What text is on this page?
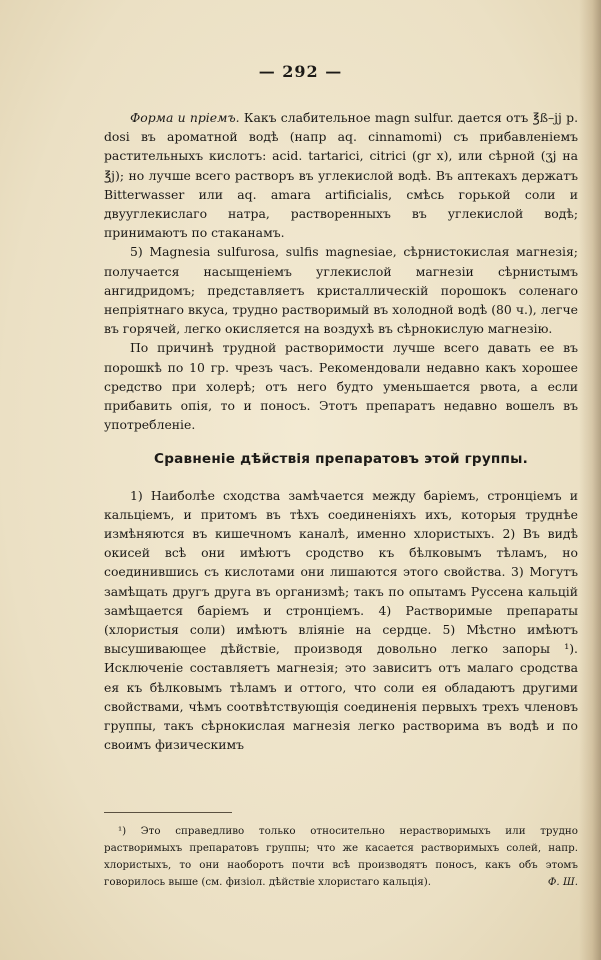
— 292 —

Форма и пріемъ. Какъ слабительное magn sulfur. дается отъ ℥ß–jj p. dosi въ ароматной водѣ (напр aq. cinnamomi) съ прибавленіемъ растительныхъ кислотъ: acid. tartarici, citrici (gr x), или сѣрной (ʒj на ℥j); но лучше всего растворъ въ углекислой водѣ. Въ аптекахъ держатъ Bitterwasser или aq. amara artificialis, смѣсь горькой соли и двууглекислаго натра, растворенныхъ въ углекислой водѣ; принимаютъ по стаканамъ.

5) Magnesia sulfurosa, sulfis magnesiae, сѣрнистокислая магнезія; получается насыщеніемъ углекислой магнезіи сѣрнистымъ ангидридомъ; представляетъ кристаллическій порошокъ соленаго непріятнаго вкуса, трудно растворимый въ холодной водѣ (80 ч.), легче въ горячей, легко окисляется на воздухѣ въ сѣрнокислую магнезію.

По причинѣ трудной растворимости лучше всего давать ее въ порошкѣ по 10 гр. чрезъ часъ. Рекомендовали недавно какъ хорошее средство при холерѣ; отъ него будто уменьшается рвота, а если прибавить опія, то и поносъ. Этотъ препаратъ недавно вошелъ въ употребленіе.

Сравненіе дѣйствія препаратовъ этой группы.

1) Наиболѣе сходства замѣчается между баріемъ, стронціемъ и кальціемъ, и притомъ въ тѣхъ соединеніяхъ ихъ, которыя труднѣе измѣняются въ кишечномъ каналѣ, именно хлористыхъ. 2) Въ видѣ окисей всѣ они имѣютъ сродство къ бѣлковымъ тѣламъ, но соединившись съ кислотами они лишаются этого свойства. 3) Могутъ замѣщать другъ друга въ организмѣ; такъ по опытамъ Руссена кальцій замѣщается баріемъ и стронціемъ. 4) Растворимые препараты (хлористыя соли) имѣютъ вліяніе на сердце. 5) Мѣстно имѣютъ высушивающее дѣйствіе, производя довольно легко запоры ¹). Исключеніе составляетъ магнезія; это зависитъ отъ малаго сродства ея къ бѣлковымъ тѣламъ и оттого, что соли ея обладаютъ другими свойствами, чѣмъ соотвѣтствующія соединенія первыхъ трехъ членовъ группы, такъ сѣрнокислая магнезія легко растворима въ водѣ и по своимъ физическимъ

¹) Это справедливо только относительно нерастворимыхъ или трудно растворимыхъ препаратовъ группы; что же касается растворимыхъ солей, напр. хлористыхъ, то они наоборотъ почти всѣ производятъ поносъ, какъ объ этомъ говорилось выше (см. физіол. дѣйствіе хлористаго кальція).	Ф. Ш.
